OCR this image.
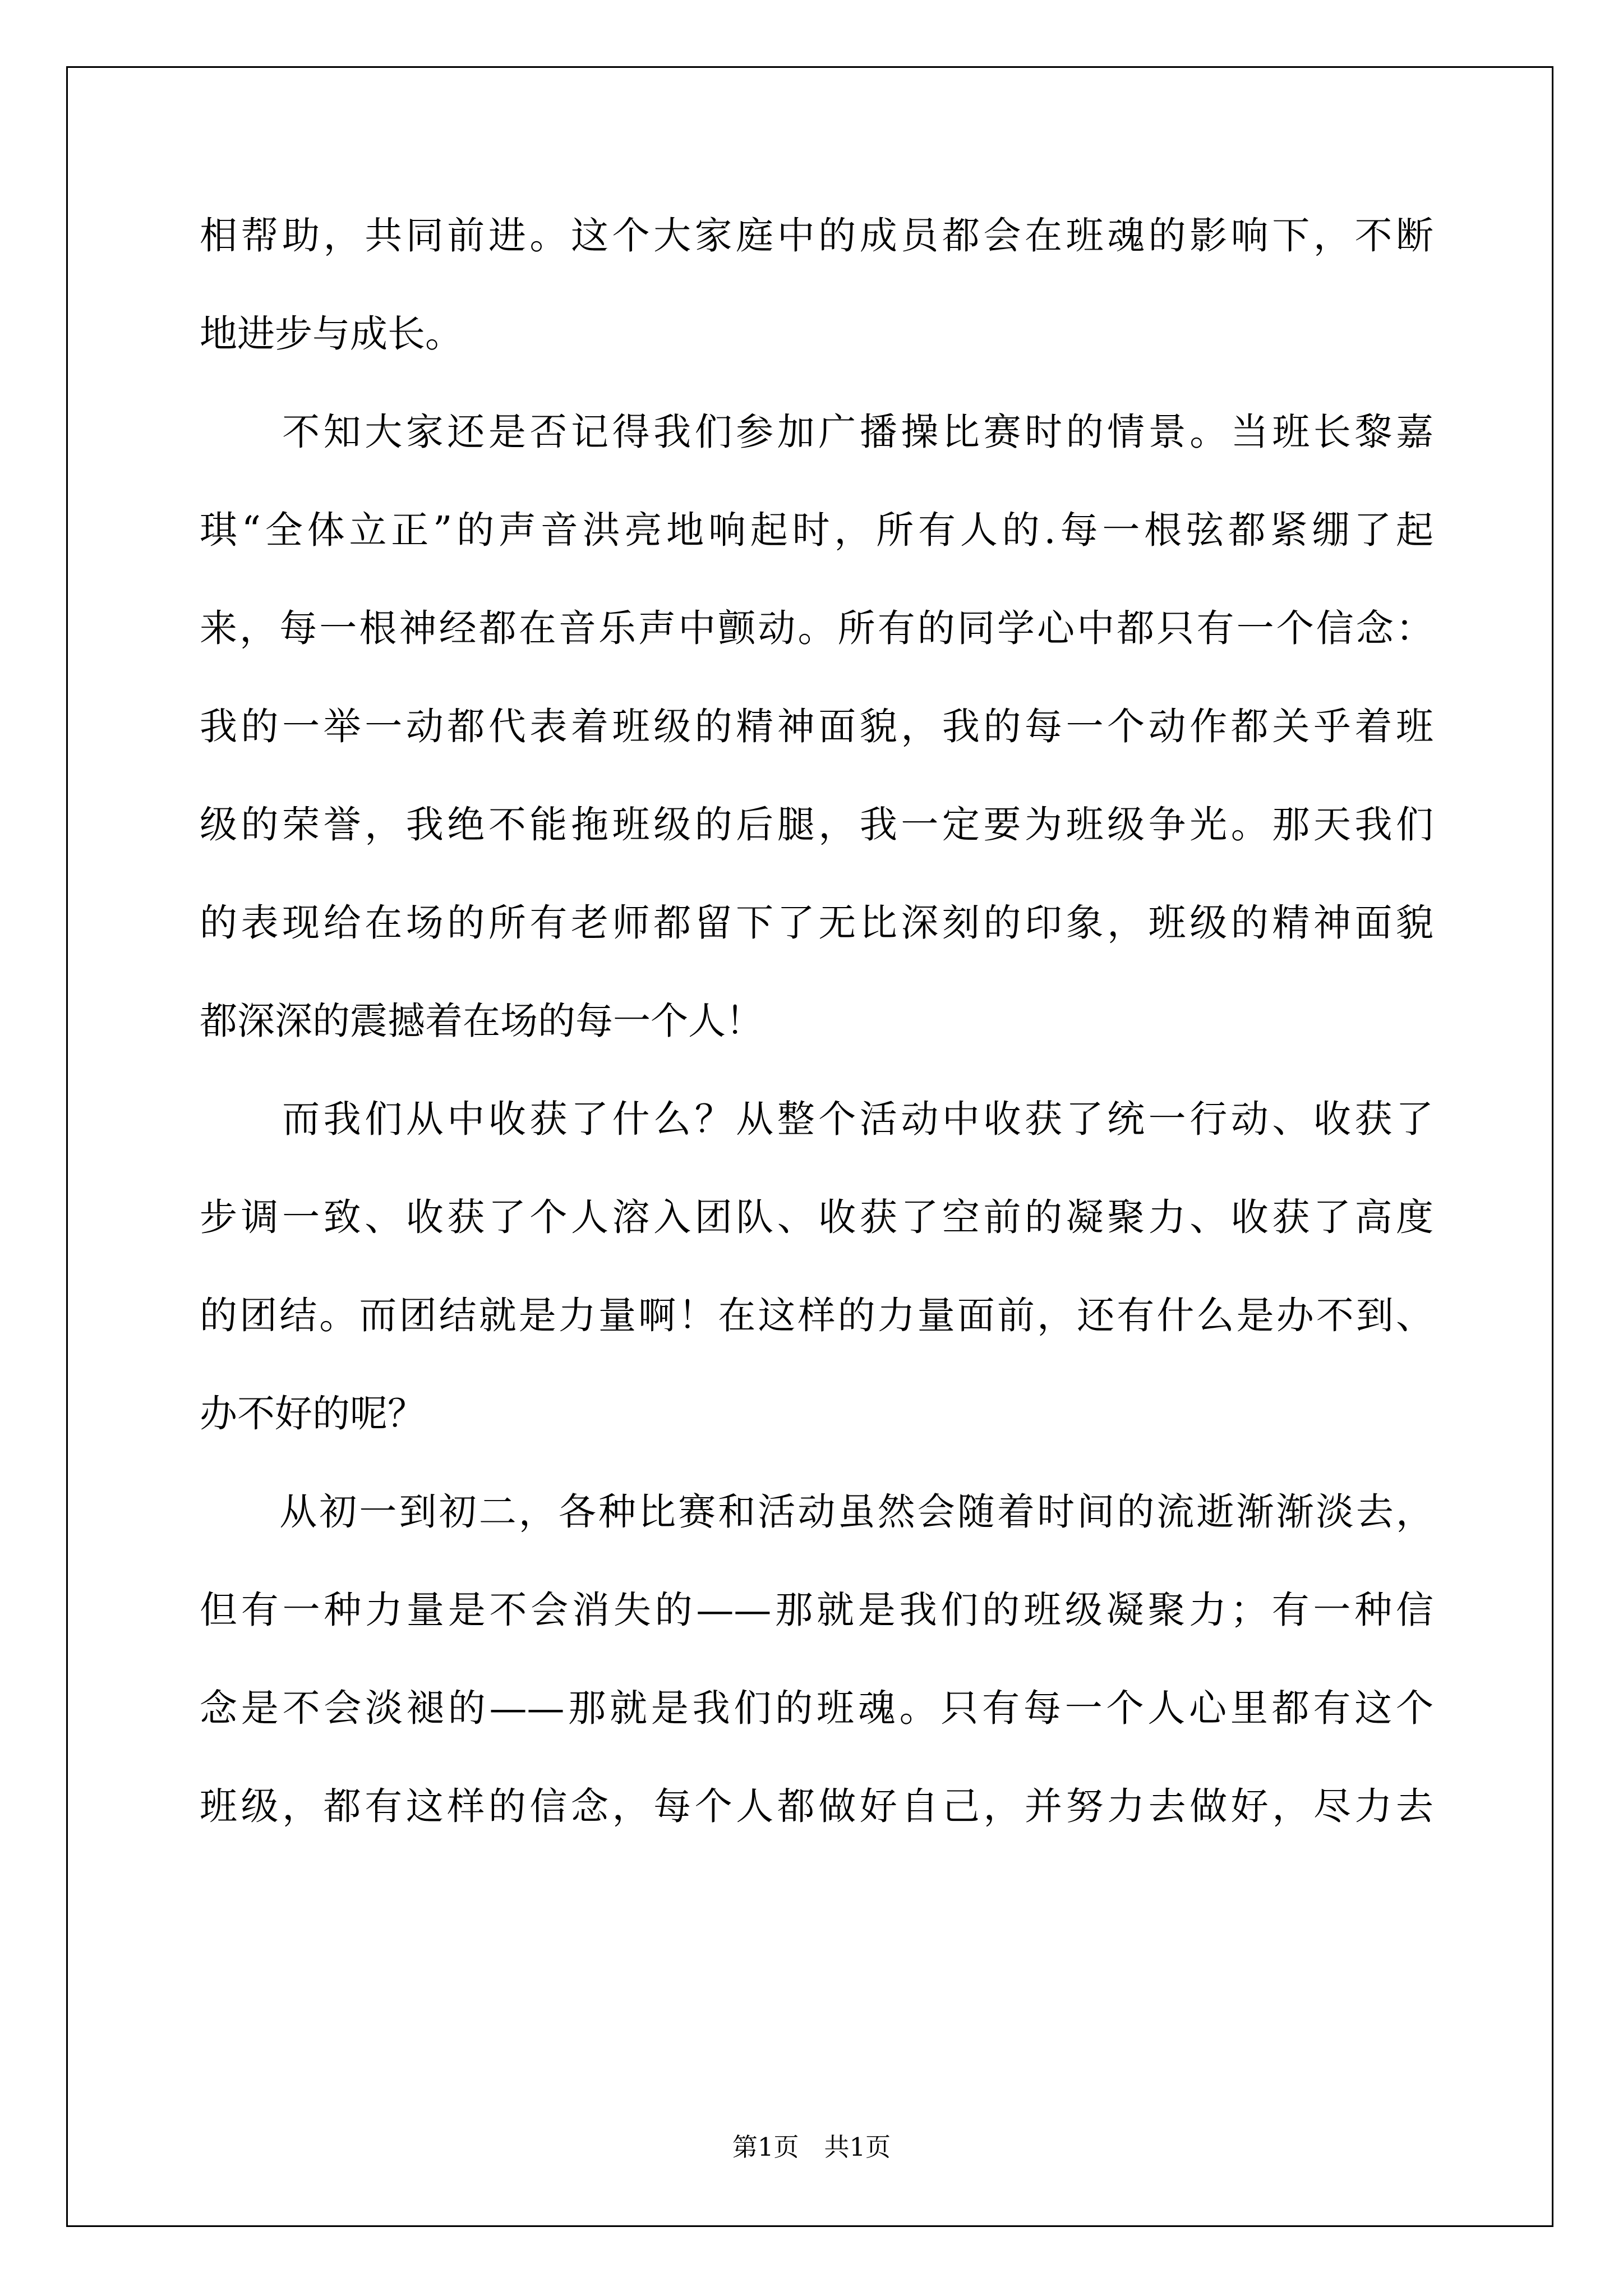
相帮助，共同前进。这个大家庭中的成员都会在班魂的影响下，不断
地进步与成长。
　　不知大家还是否记得我们参加广播操比赛时的情景。当班长黎嘉
琪“全体立正”的声音洪亮地响起时，所有人的.每一根弦都紧绷了起
来，每一根神经都在音乐声中颤动。所有的同学心中都只有一个信念：
我的一举一动都代表着班级的精神面貌，我的每一个动作都关乎着班
级的荣誉，我绝不能拖班级的后腿，我一定要为班级争光。那天我们
的表现给在场的所有老师都留下了无比深刻的印象，班级的精神面貌
都深深的震撼着在场的每一个人！
　　而我们从中收获了什么？从整个活动中收获了统一行动、收获了
步调一致、收获了个人溶入团队、收获了空前的凝聚力、收获了高度
的团结。而团结就是力量啊！在这样的力量面前，还有什么是办不到、
办不好的呢？
　　从初一到初二，各种比赛和活动虽然会随着时间的流逝渐渐淡去，
但有一种力量是不会消失的——那就是我们的班级凝聚力；有一种信
念是不会淡褪的——那就是我们的班魂。只有每一个人心里都有这个
班级，都有这样的信念，每个人都做好自己，并努力去做好，尽力去
第1页　共1页
